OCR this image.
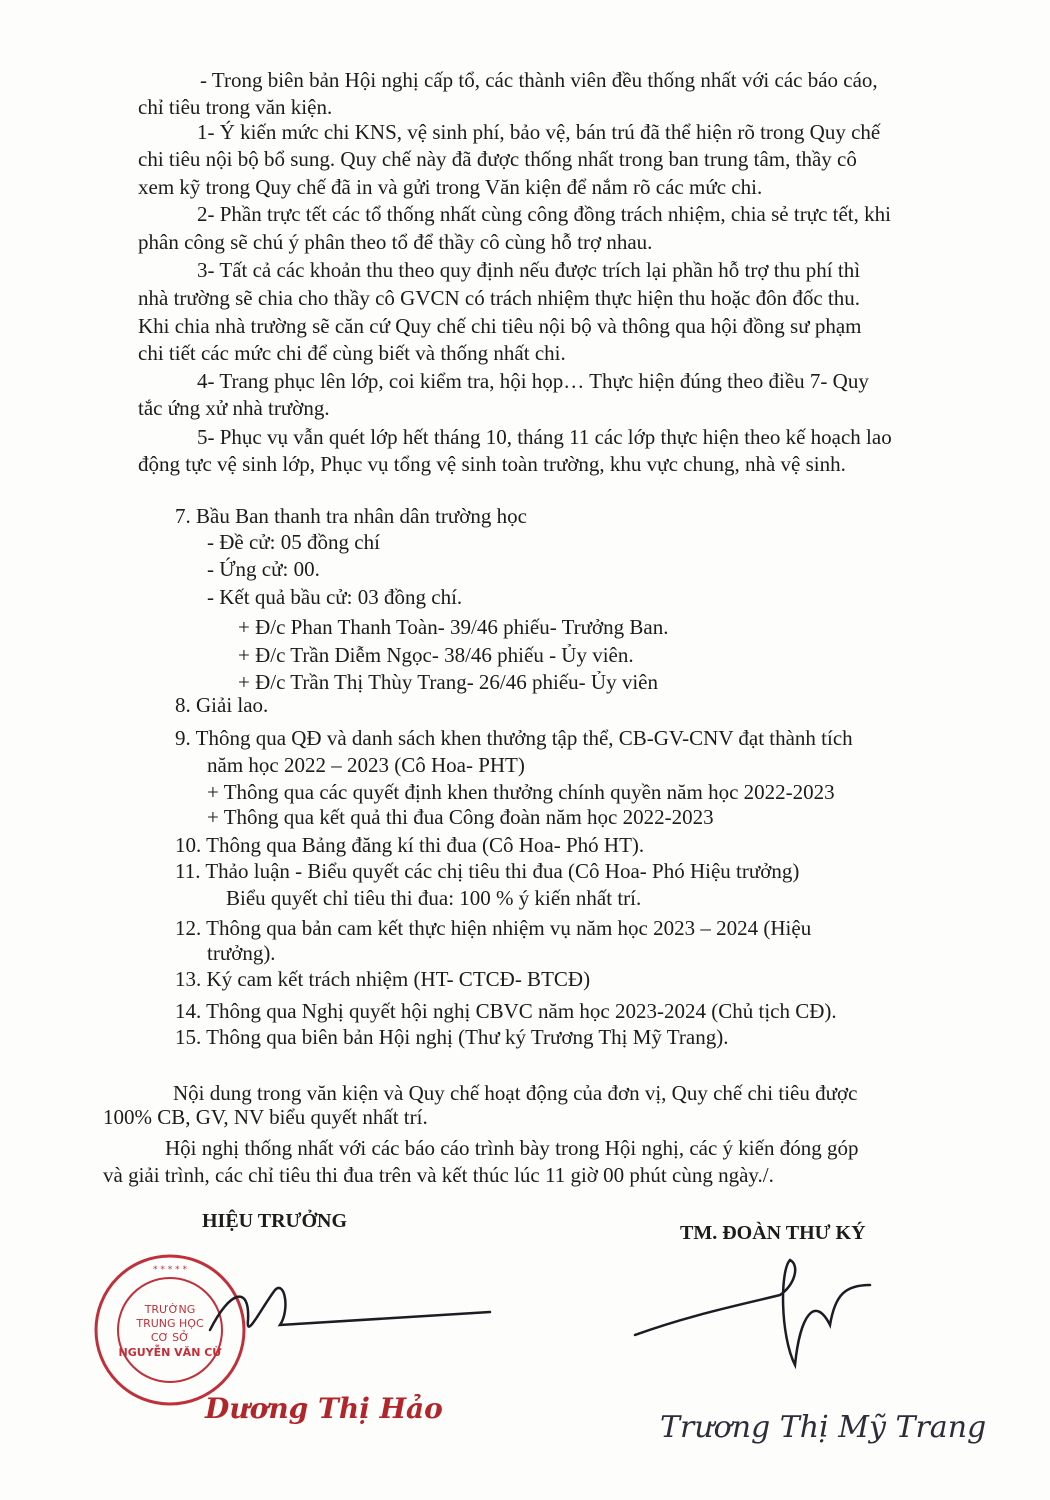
- Trong biên bản Hội nghị cấp tổ, các thành viên đều thống nhất với các báo cáo,
chỉ tiêu trong văn kiện.
1- Ý kiến mức chi KNS, vệ sinh phí, bảo vệ, bán trú đã thể hiện rõ trong Quy chế
chi tiêu nội bộ bổ sung. Quy chế này đã được thống nhất trong ban trung tâm, thầy cô
xem kỹ trong Quy chế đã in và gửi trong Văn kiện để nắm rõ các mức chi.
2- Phần trực tết các tổ thống nhất cùng công đồng trách nhiệm, chia sẻ trực tết, khi
phân công sẽ chú ý phân theo tổ để thầy cô cùng hỗ trợ nhau.
3- Tất cả các khoản thu theo quy định nếu được trích lại phần hỗ trợ thu phí thì
nhà trường sẽ chia cho thầy cô GVCN có trách nhiệm thực hiện thu hoặc đôn đốc thu.
Khi chia nhà trường sẽ căn cứ Quy chế chi tiêu nội bộ và thông qua hội đồng sư phạm
chi tiết các mức chi để cùng biết và thống nhất chi.
4- Trang phục lên lớp, coi kiểm tra, hội họp… Thực hiện đúng theo điều 7- Quy
tắc ứng xử nhà trường.
5- Phục vụ vẫn quét lớp hết tháng 10, tháng 11 các lớp thực hiện theo kế hoạch lao
động tực vệ sinh lớp, Phục vụ tổng vệ sinh toàn trường, khu vực chung, nhà vệ sinh.
7. Bầu Ban thanh tra nhân dân trường học
- Đề cử: 05 đồng chí
- Ứng cử: 00.
- Kết quả bầu cử: 03 đồng chí.
+ Đ/c Phan Thanh Toàn- 39/46 phiếu- Trưởng Ban.
+ Đ/c Trần Diễm Ngọc- 38/46 phiếu - Ủy viên.
+ Đ/c Trần Thị Thùy Trang- 26/46 phiếu- Ủy viên
8. Giải lao.
9. Thông qua QĐ và danh sách khen thưởng tập thể, CB-GV-CNV đạt thành tích
năm học 2022 – 2023 (Cô Hoa- PHT)
+ Thông qua các quyết định khen thưởng chính quyền năm học 2022-2023
+ Thông qua kết quả thi đua Công đoàn năm học 2022-2023
10. Thông qua Bảng đăng kí thi đua (Cô Hoa- Phó HT).
11. Thảo luận - Biểu quyết các chị tiêu thi đua (Cô Hoa- Phó Hiệu trưởng)
Biểu quyết chỉ tiêu thi đua: 100 % ý kiến nhất trí.
12. Thông qua bản cam kết thực hiện nhiệm vụ năm học 2023 – 2024 (Hiệu
trưởng).
13. Ký cam kết trách nhiệm (HT- CTCĐ- BTCĐ)
14. Thông qua Nghị quyết hội nghị CBVC năm học 2023-2024 (Chủ tịch CĐ).
15. Thông qua biên bản Hội nghị (Thư ký Trương Thị Mỹ Trang).
Nội dung trong văn kiện và Quy chế hoạt động của đơn vị, Quy chế chi tiêu được
100% CB, GV, NV biểu quyết nhất trí.
Hội nghị thống nhất với các báo cáo trình bày trong Hội nghị, các ý kiến đóng góp
và giải trình, các chỉ tiêu thi đua trên và kết thúc lúc 11 giờ 00 phút cùng ngày./.
HIỆU TRƯỞNG
TM. ĐOÀN THƯ KÝ
TRƯỜNG
TRUNG HỌC
CƠ SỞ
NGUYỄN VĂN CỪ
* * * * *
Dương Thị Hảo
Trương Thị Mỹ Trang
